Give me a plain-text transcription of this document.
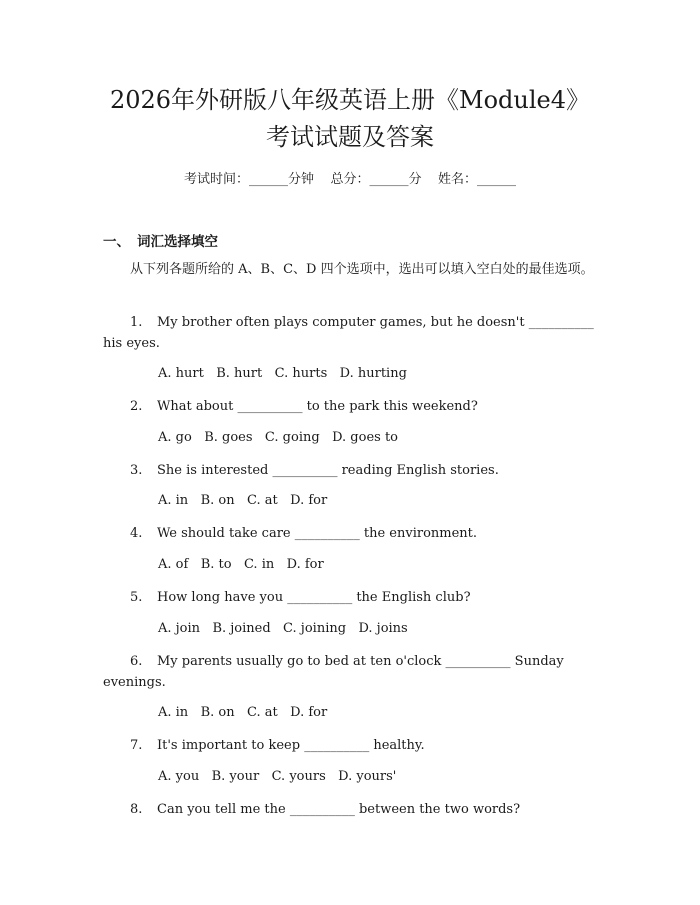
2026年外研版八年级英语上册《Module4》
考试试题及答案
考试时间：______分钟    总分：______分    姓名：______
一、 词汇选择填空
从下列各题所给的 A、B、C、D 四个选项中，选出可以填入空白处的最佳选项。
1. My brother often plays computer games, but he doesn't __________ his eyes.
A. hurt   B. hurt   C. hurts   D. hurting
2. What about __________ to the park this weekend?
A. go   B. goes   C. going   D. goes to
3. She is interested __________ reading English stories.
A. in   B. on   C. at   D. for
4. We should take care __________ the environment.
A. of   B. to   C. in   D. for
5. How long have you __________ the English club?
A. join   B. joined   C. joining   D. joins
6. My parents usually go to bed at ten o'clock __________ Sunday evenings.
A. in   B. on   C. at   D. for
7. It's important to keep __________ healthy.
A. you   B. your   C. yours   D. yours'
8. Can you tell me the __________ between the two words?
